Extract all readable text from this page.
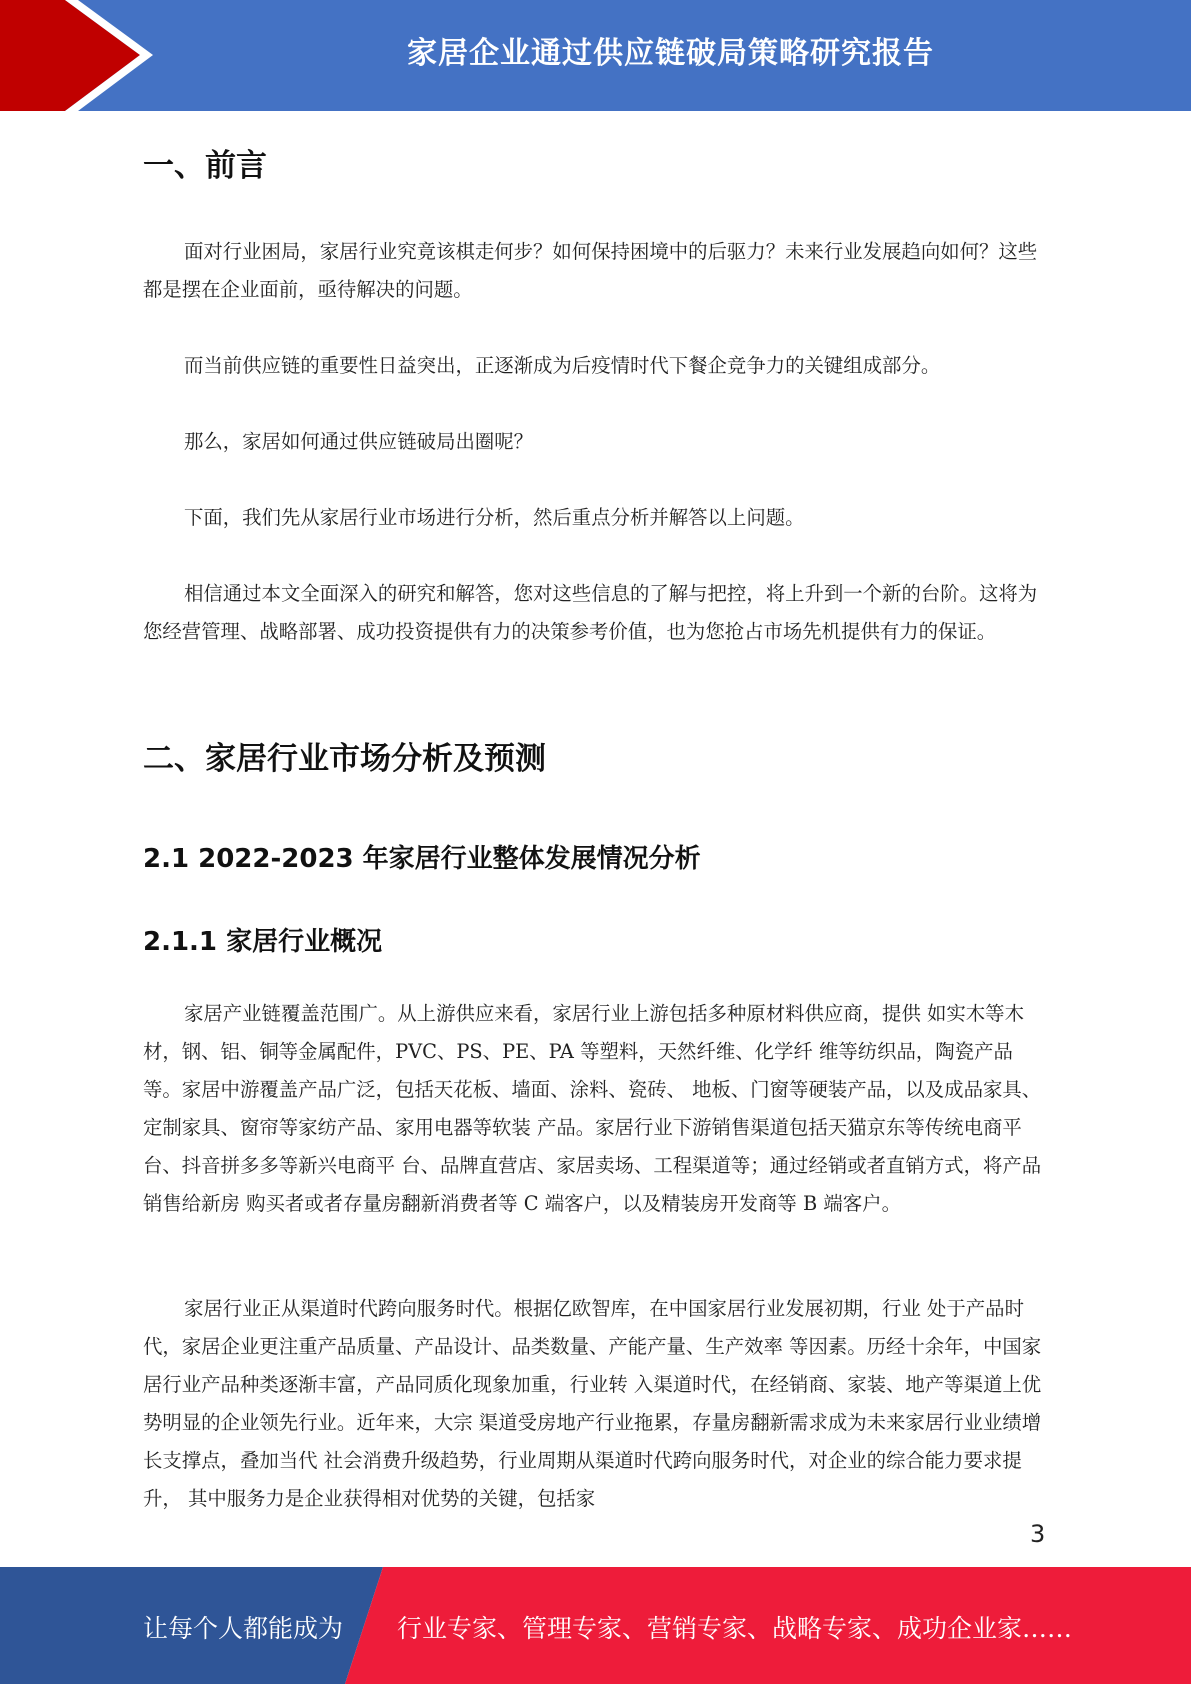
家居企业通过供应链破局策略研究报告
一、前言

面对行业困局，家居行业究竟该棋走何步？如何保持困境中的后驱力？未来行业发展趋向如何？这些都是摆在企业面前，亟待解决的问题。

而当前供应链的重要性日益突出，正逐渐成为后疫情时代下餐企竞争力的关键组成部分。

那么，家居如何通过供应链破局出圈呢？

下面，我们先从家居行业市场进行分析，然后重点分析并解答以上问题。

相信通过本文全面深入的研究和解答，您对这些信息的了解与把控，将上升到一个新的台阶。这将为您经营管理、战略部署、成功投资提供有力的决策参考价值，也为您抢占市场先机提供有力的保证。

二、家居行业市场分析及预测
2.1 2022-2023 年家居行业整体发展情况分析
2.1.1 家居行业概况

家居产业链覆盖范围广。从上游供应来看，家居行业上游包括多种原材料供应商，提供 如实木等木材，钢、铝、铜等金属配件，PVC、PS、PE、PA 等塑料，天然纤维、化学纤 维等纺织品，陶瓷产品等。家居中游覆盖产品广泛，包括天花板、墙面、涂料、瓷砖、 地板、门窗等硬装产品，以及成品家具、定制家具、窗帘等家纺产品、家用电器等软装 产品。家居行业下游销售渠道包括天猫京东等传统电商平台、抖音拼多多等新兴电商平 台、品牌直营店、家居卖场、工程渠道等；通过经销或者直销方式，将产品销售给新房 购买者或者存量房翻新消费者等 C 端客户，以及精装房开发商等 B 端客户。

家居行业正从渠道时代跨向服务时代。根据亿欧智库，在中国家居行业发展初期，行业 处于产品时代，家居企业更注重产品质量、产品设计、品类数量、产能产量、生产效率 等因素。历经十余年，中国家居行业产品种类逐渐丰富，产品同质化现象加重，行业转 入渠道时代，在经销商、家装、地产等渠道上优势明显的企业领先行业。近年来，大宗 渠道受房地产行业拖累，存量房翻新需求成为未来家居行业业绩增长支撑点，叠加当代 社会消费升级趋势，行业周期从渠道时代跨向服务时代，对企业的综合能力要求提升， 其中服务力是企业获得相对优势的关键，包括家

3
让每个人都能成为 行业专家、管理专家、营销专家、战略专家、成功企业家……
